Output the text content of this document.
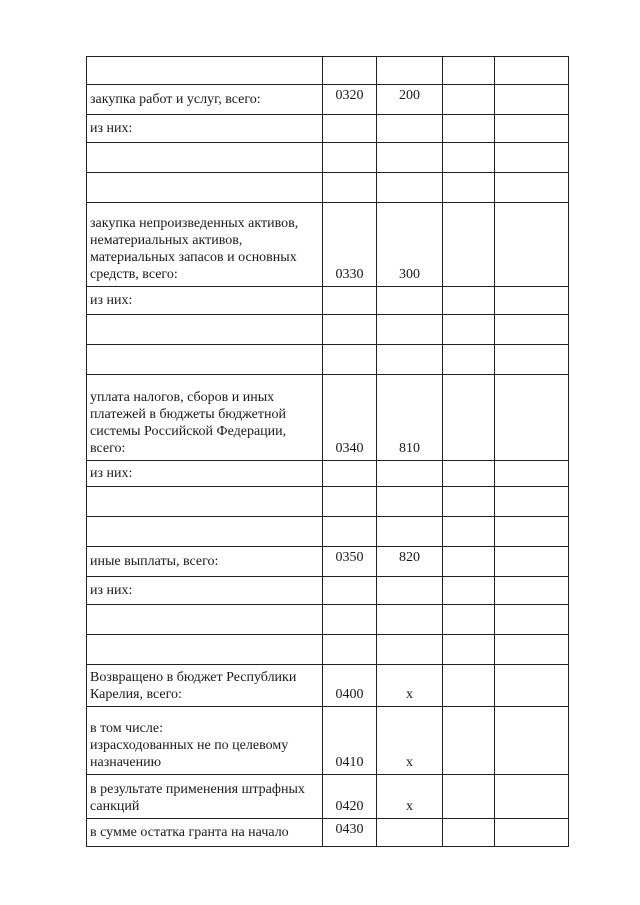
закупка работ и услуг, всего:	0320	200		

из них:				

закупка непроизведенных активов,
нематериальных активов,
материальных запасов и основных
средств, всего:	0330	300		

из них:				

уплата налогов, сборов и иных
платежей в бюджеты бюджетной
системы Российской Федерации,
всего:	0340	810		

из них:				

иные выплаты, всего:	0350	820		

из них:				

Возвращено в бюджет Республики
Карелия, всего:	0400	x		

в том числе:
израсходованных не по целевому
назначению	0410	x		

в результате применения штрафных
санкций	0420	x		

в сумме остатка гранта на начало	0430			
